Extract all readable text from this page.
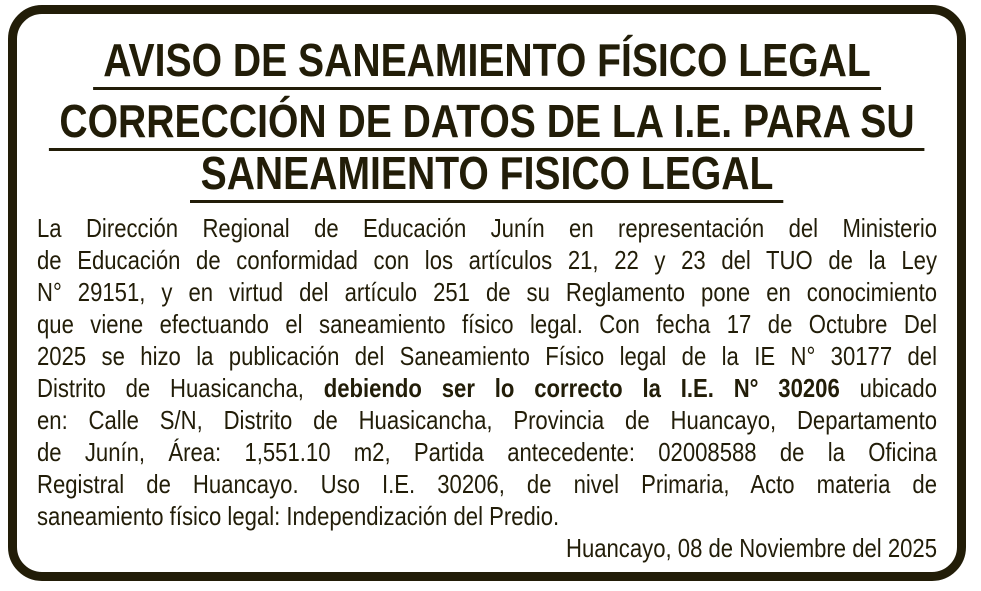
AVISO DE SANEAMIENTO FÍSICO LEGAL
CORRECCIÓN DE DATOS DE LA I.E. PARA SU
SANEAMIENTO FISICO LEGAL
La Dirección Regional de Educación Junín en representación del Ministerio
de Educación de conformidad con los artículos 21, 22 y 23 del TUO de la Ley
N° 29151, y en virtud del artículo 251 de su Reglamento pone en conocimiento
que viene efectuando el saneamiento físico legal. Con fecha 17 de Octubre Del
2025 se hizo la publicación del Saneamiento Físico legal de la IE N° 30177 del
Distrito de Huasicancha, debiendo ser lo correcto la I.E. N° 30206 ubicado
en: Calle S/N, Distrito de Huasicancha, Provincia de Huancayo, Departamento
de Junín, Área: 1,551.10 m2, Partida antecedente: 02008588 de la Oficina
Registral de Huancayo. Uso I.E. 30206, de nivel Primaria, Acto materia de
saneamiento físico legal: Independización del Predio.
Huancayo, 08 de Noviembre del 2025
